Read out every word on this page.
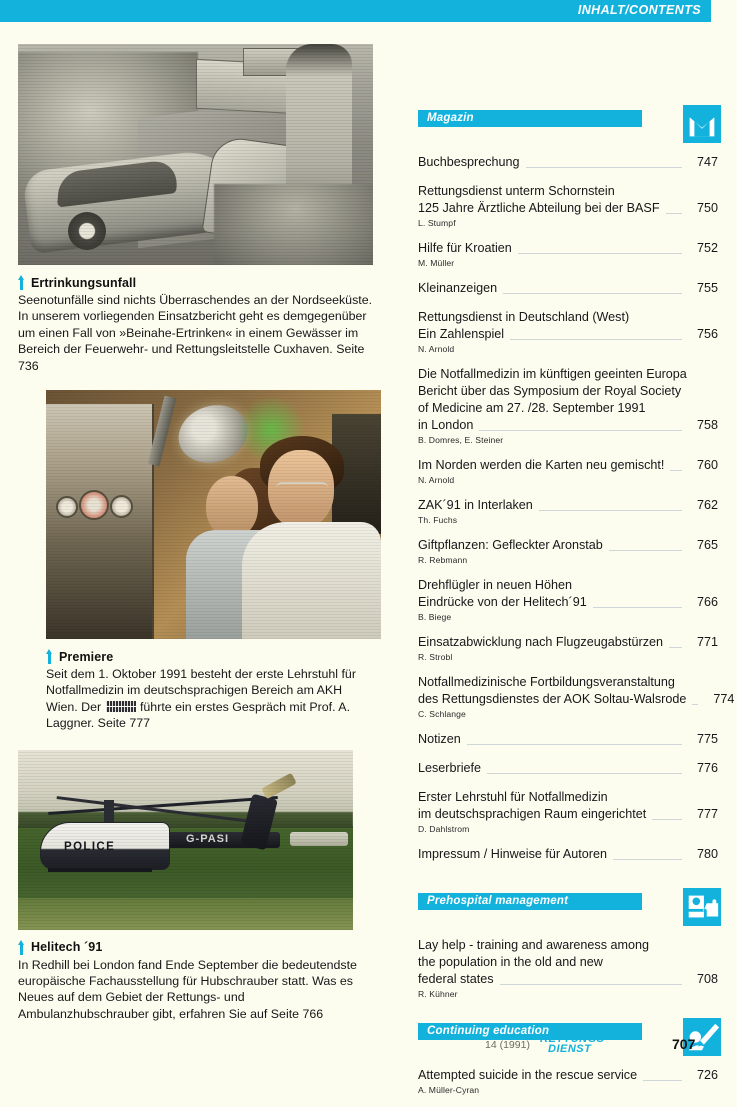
INHALT/CONTENTS
Ertrinkungsunfall
Seenotunfälle sind nichts Überraschendes an der Nordseeküste. In unserem vorliegenden Einsatzbericht geht es demgegenüber um einen Fall von »Beinahe-Ertrinken« in einem Gewässer im Bereich der Feuerwehr- und Rettungsleitstelle Cuxhaven. Seite 736
Premiere
Seit dem 1. Oktober 1991 besteht der erste Lehrstuhl für Notfallmedizin im deutschsprachigen Bereich am AKH Wien. Der	führte ein erstes Gespräch mit Prof. A. Laggner. Seite 777
POLICE
G-PASI
Helitech ´91
In Redhill bei London fand Ende September die bedeutendste europäische Fachausstellung für Hubschrauber statt. Was es Neues auf dem Gebiet der Rettungs- und Ambulanzhubschrauber gibt, erfahren Sie auf Seite 766
Magazin
Buchbesprechung	747
Rettungsdienst unterm Schornstein
125 Jahre Ärztliche Abteilung bei der BASF	750
L. Stumpf
Hilfe für Kroatien	752
M. Müller
Kleinanzeigen	755
Rettungsdienst in Deutschland (West)
Ein Zahlenspiel	756
N. Arnold
Die Notfallmedizin im künftigen geeinten Europa
Bericht über das Symposium der Royal Society
of Medicine am 27. /28. September 1991
in London	758
B. Domres, E. Steiner
Im Norden werden die Karten neu gemischt!	760
N. Arnold
ZAK´91 in Interlaken	762
Th. Fuchs
Giftpflanzen: Gefleckter Aronstab	765
R. Rebmann
Drehflügler in neuen Höhen
Eindrücke von der Helitech´91	766
B. Biege
Einsatzabwicklung nach Flugzeugabstürzen	771
R. Strobl
Notfallmedizinische Fortbildungsveranstaltung
des Rettungsdienstes der AOK Soltau-Walsrode	774
C. Schlange
Notizen	775
Leserbriefe	776
Erster Lehrstuhl für Notfallmedizin
im deutschsprachigen Raum eingerichtet	777
D. Dahlstrom
Impressum / Hinweise für Autoren	780
Prehospital management
Lay help - training and awareness among
the population in the old and new
federal states	708
R. Kühner
Continuing education
Attempted suicide in the rescue service	726
A. Müller-Cyran
14 (1991) RETTUNGS
DIENST	707
